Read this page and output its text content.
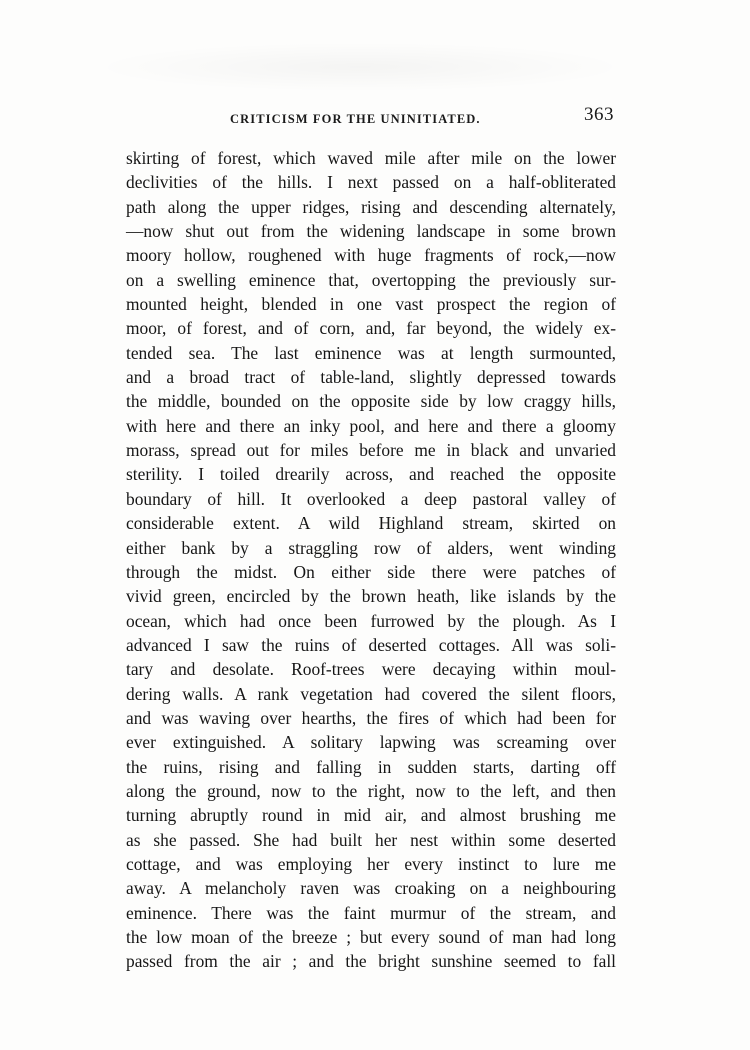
CRITICISM FOR THE UNINITIATED.	363
skirting of forest, which waved mile after mile on the lower
declivities of the hills. I next passed on a half-obliterated
path along the upper ridges, rising and descending alternately,
—now shut out from the widening landscape in some brown
moory hollow, roughened with huge fragments of rock,—now
on a swelling eminence that, overtopping the previously sur-
mounted height, blended in one vast prospect the region of
moor, of forest, and of corn, and, far beyond, the widely ex-
tended sea. The last eminence was at length surmounted,
and a broad tract of table-land, slightly depressed towards
the middle, bounded on the opposite side by low craggy hills,
with here and there an inky pool, and here and there a gloomy
morass, spread out for miles before me in black and unvaried
sterility. I toiled drearily across, and reached the opposite
boundary of hill. It overlooked a deep pastoral valley of
considerable extent. A wild Highland stream, skirted on
either bank by a straggling row of alders, went winding
through the midst. On either side there were patches of
vivid green, encircled by the brown heath, like islands by the
ocean, which had once been furrowed by the plough. As I
advanced I saw the ruins of deserted cottages. All was soli-
tary and desolate. Roof-trees were decaying within moul-
dering walls. A rank vegetation had covered the silent floors,
and was waving over hearths, the fires of which had been for
ever extinguished. A solitary lapwing was screaming over
the ruins, rising and falling in sudden starts, darting off
along the ground, now to the right, now to the left, and then
turning abruptly round in mid air, and almost brushing me
as she passed. She had built her nest within some deserted
cottage, and was employing her every instinct to lure me
away. A melancholy raven was croaking on a neighbouring
eminence. There was the faint murmur of the stream, and
the low moan of the breeze ; but every sound of man had long
passed from the air ; and the bright sunshine seemed to fall
